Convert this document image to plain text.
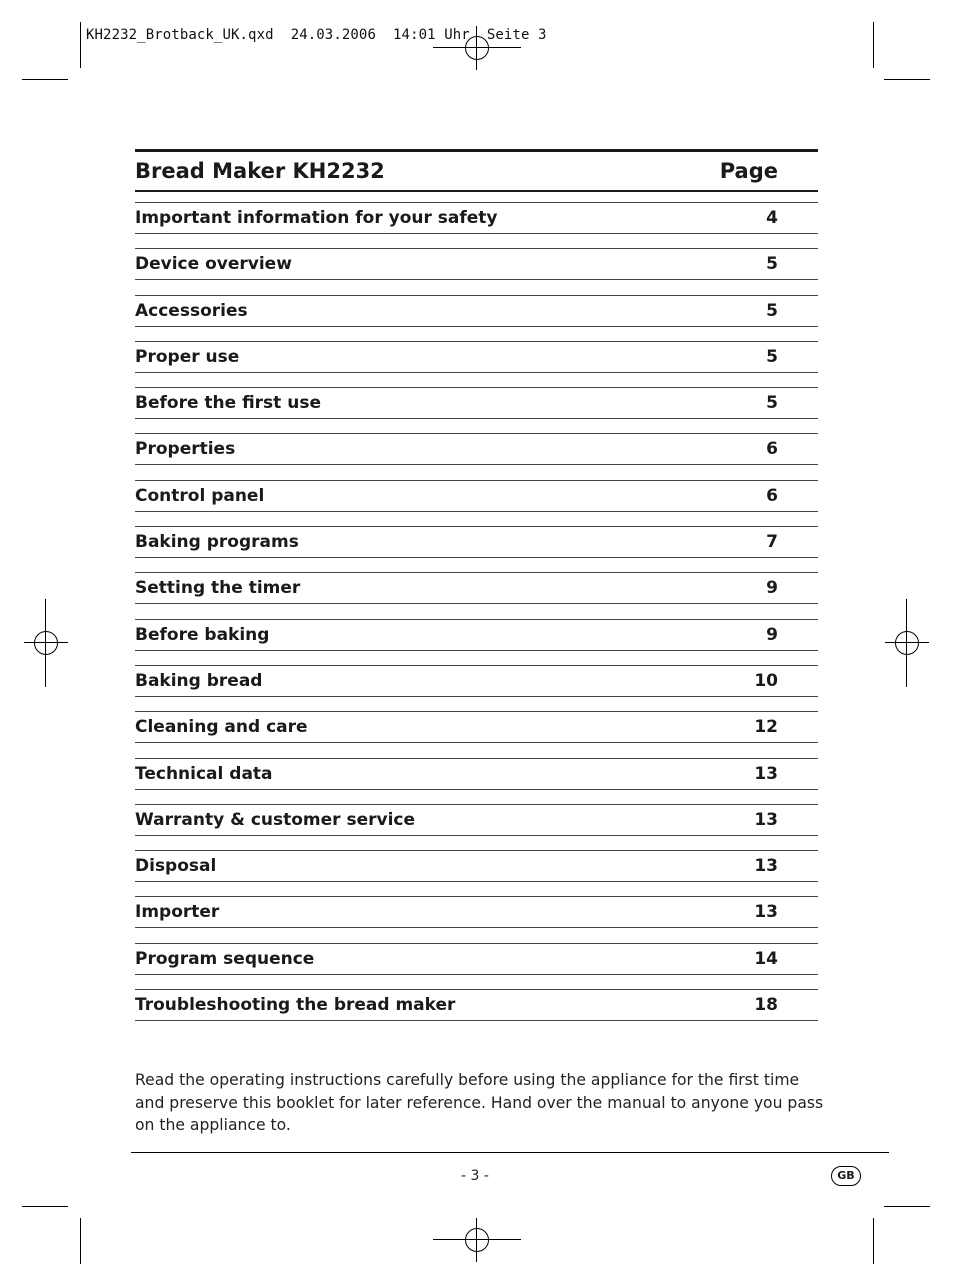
KH2232_Brotback_UK.qxd  24.03.2006  14:01 Uhr  Seite 3
Bread Maker KH2232	Page
Important information for your safety	4
Device overview	5
Accessories	5
Proper use	5
Before the first use	5
Properties	6
Control panel	6
Baking programs	7
Setting the timer	9
Before baking	9
Baking bread	10
Cleaning and care	12
Technical data	13
Warranty & customer service	13
Disposal	13
Importer	13
Program sequence	14
Troubleshooting the bread maker	18
Read the operating instructions carefully before using the appliance for the first time and preserve this booklet for later reference. Hand over the manual to anyone you pass on the appliance to.
- 3 -	GB
